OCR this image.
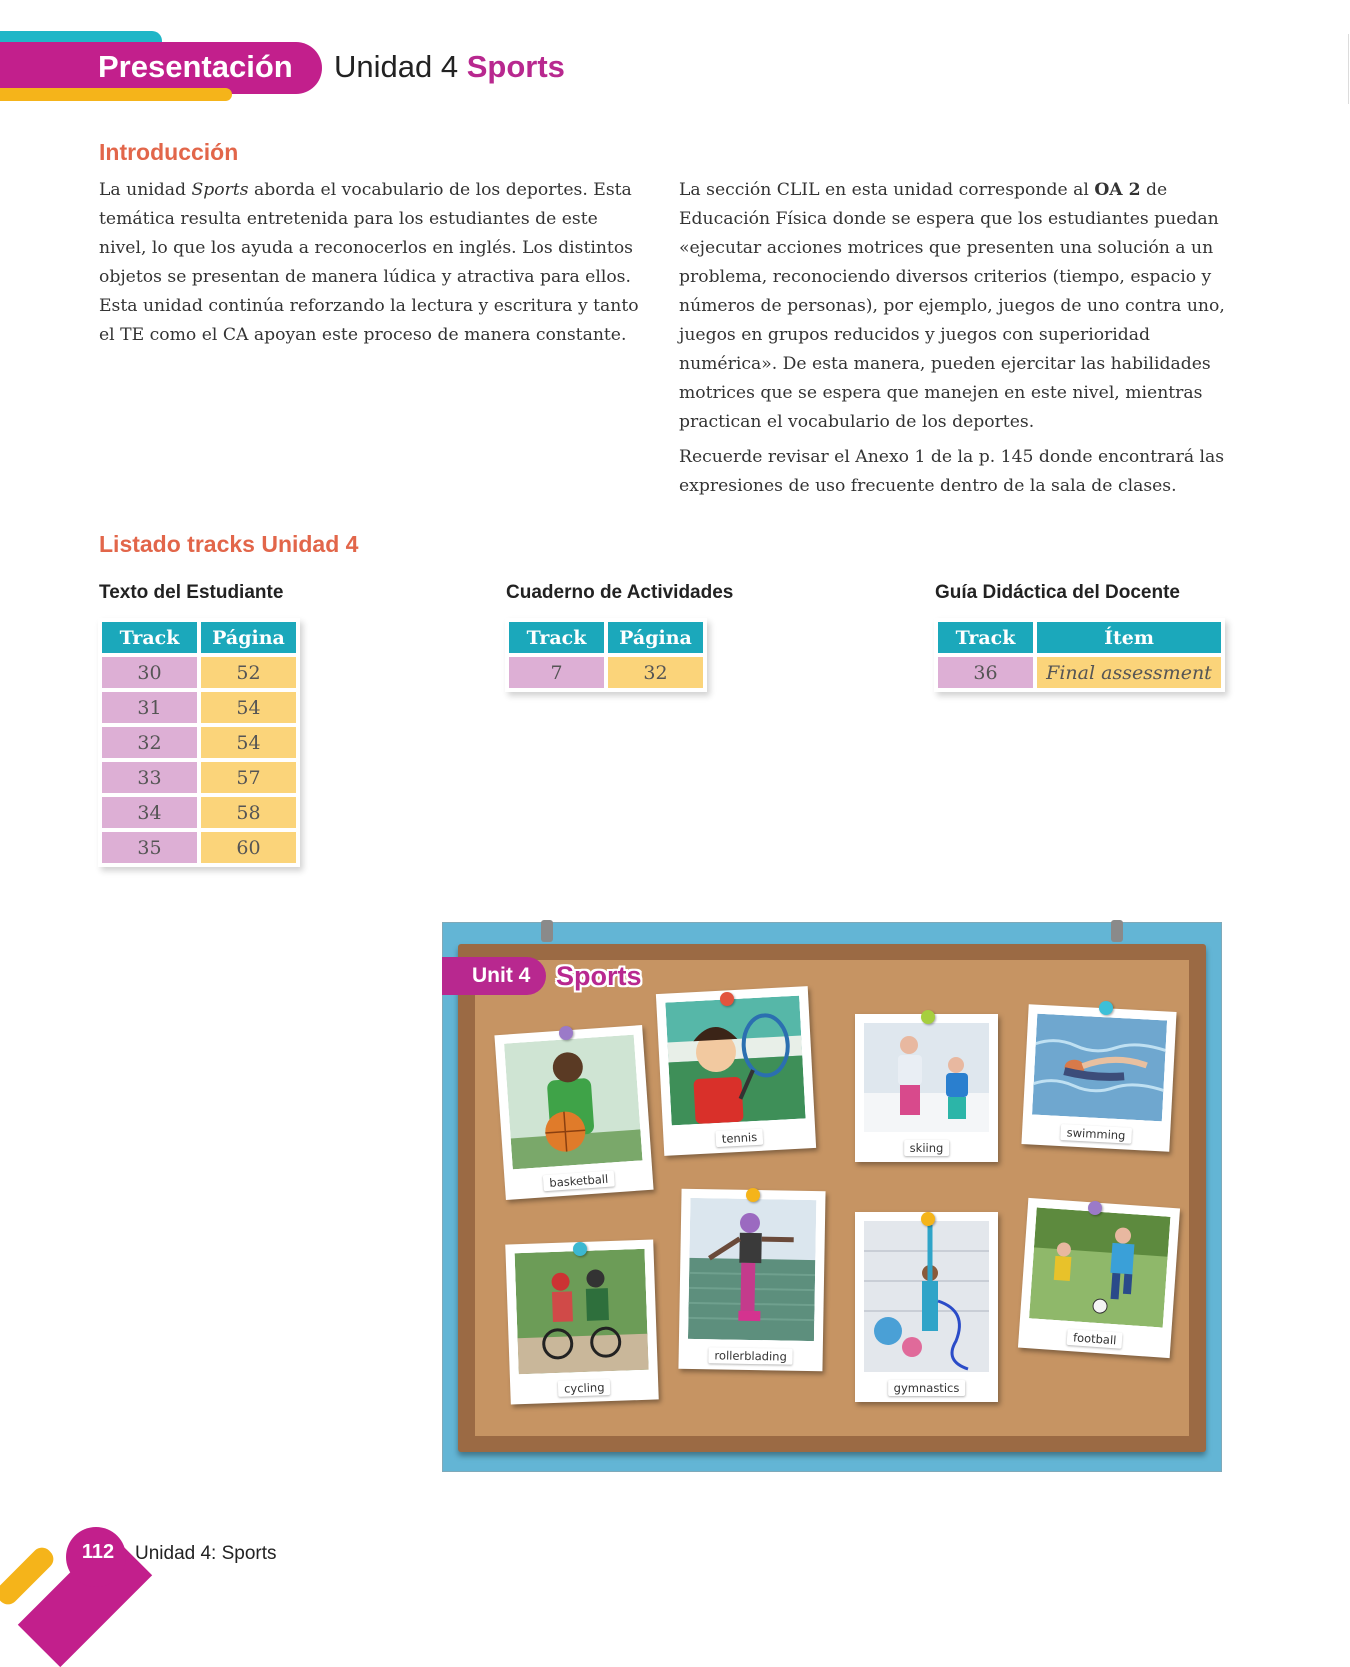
Presentación Unidad 4 Sports
Introducción

La unidad Sports aborda el vocabulario de los deportes. Esta temática resulta entretenida para los estudiantes de este nivel, lo que los ayuda a reconocerlos en inglés. Los distintos objetos se presentan de manera lúdica y atractiva para ellos. Esta unidad continúa reforzando la lectura y escritura y tanto el TE como el CA apoyan este proceso de manera constante.

La sección CLIL en esta unidad corresponde al OA 2 de Educación Física donde se espera que los estudiantes puedan «ejecutar acciones motrices que presenten una solución a un problema, reconociendo diversos criterios (tiempo, espacio y números de personas), por ejemplo, juegos de uno contra uno, juegos en grupos reducidos y juegos con superioridad numérica». De esta manera, pueden ejercitar las habilidades motrices que se espera que manejen en este nivel, mientras practican el vocabulario de los deportes.

Recuerde revisar el Anexo 1 de la p. 145 donde encontrará las expresiones de uso frecuente dentro de la sala de clases.

Listado tracks Unidad 4
Texto del Estudiante	Cuaderno de Actividades	Guía Didáctica del Docente
Track	Página
30	52
31	54
32	54
33	57
34	58
35	60
Track	Página
7	32
Track	Ítem
36	Final assessment
Unit 4 Sports
basketball
tennis
skiing
swimming
cycling
rollerblading
gymnastics
football
112	Unidad 4: Sports
